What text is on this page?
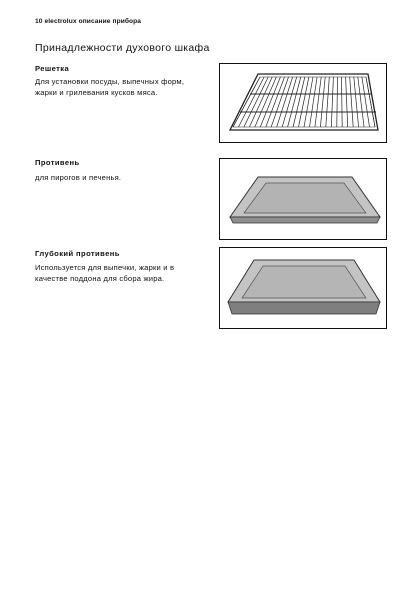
10 electrolux описание прибора
Принадлежности духового шкафа
Решетка
Для установки посуды, выпечных форм, жарки и грилевания кусков мяса.
Противень
для пирогов и печенья.
Глубокий противень
Используется для выпечки, жарки и в качестве поддона для сбора жира.
